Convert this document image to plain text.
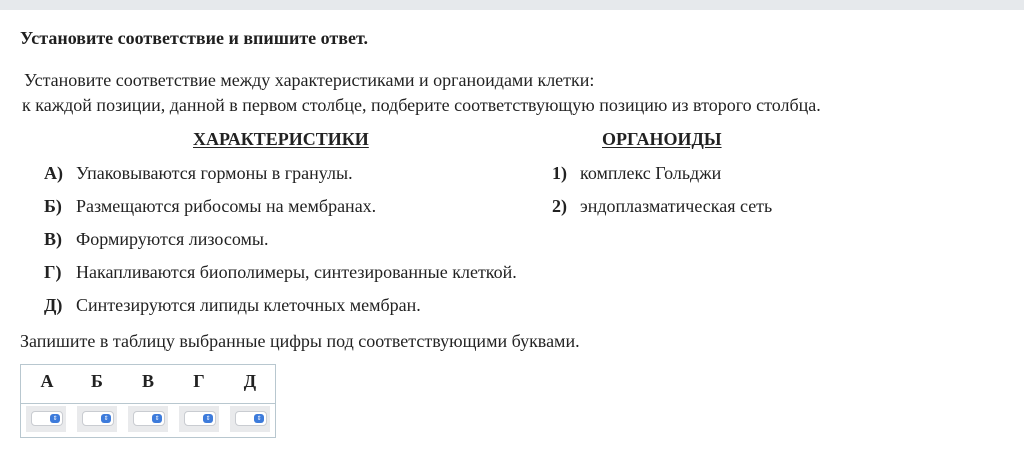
Установите соответствие и впишите ответ.
Установите соответствие между характеристиками и органоидами клетки:
к каждой позиции, данной в первом столбце, подберите соответствующую позицию из второго столбца.
ХАРАКТЕРИСТИКИ	ОРГАНОИДЫ
А) Упаковываются гормоны в гранулы.
Б) Размещаются рибосомы на мембранах.
В) Формируются лизосомы.
Г) Накапливаются биополимеры, синтезированные клеткой.
Д) Синтезируются липиды клеточных мембран.
1) комплекс Гольджи
2) эндоплазматическая сеть
Запишите в таблицу выбранные цифры под соответствующими буквами.
А	Б	В	Г	Д
⇕	⇕	⇕	⇕	⇕
